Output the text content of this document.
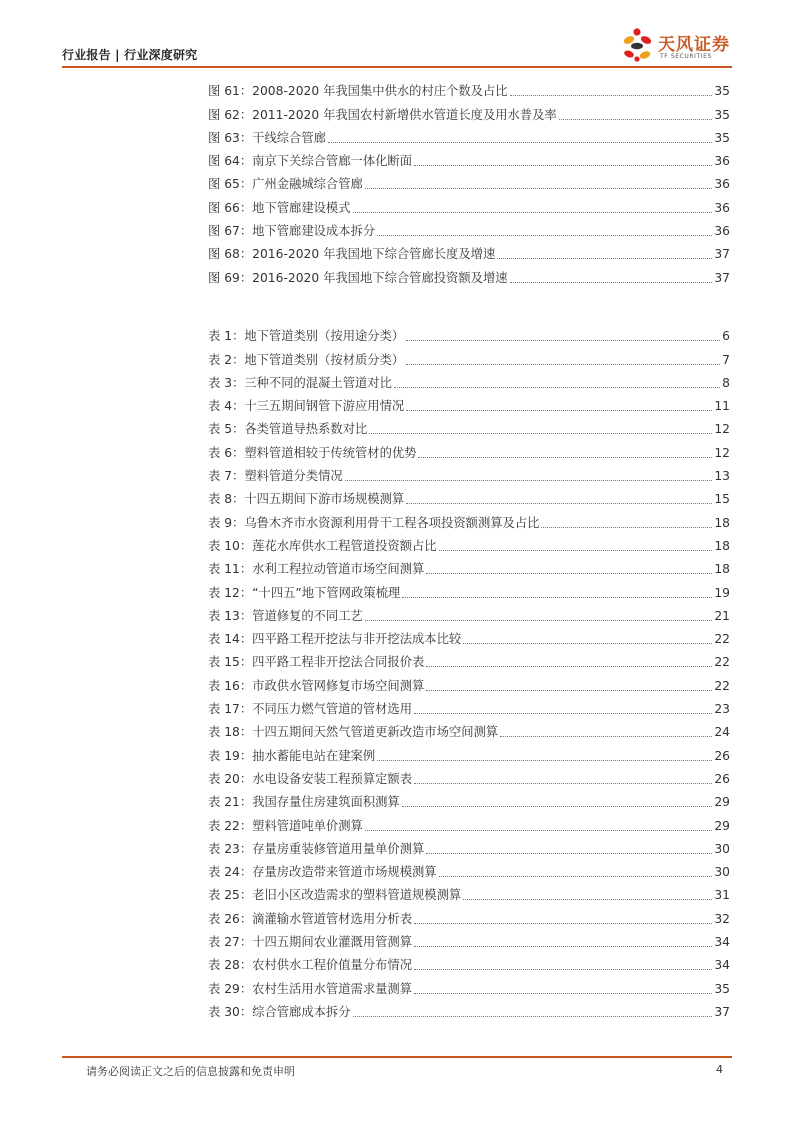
行业报告 | 行业深度研究	天风证券
TF SECURITIES
图 61：2008-2020 年我国集中供水的村庄个数及占比	35
图 62：2011-2020 年我国农村新增供水管道长度及用水普及率	35
图 63：干线综合管廊	35
图 64：南京下关综合管廊一体化断面	36
图 65：广州金融城综合管廊	36
图 66：地下管廊建设模式	36
图 67：地下管廊建设成本拆分	36
图 68：2016-2020 年我国地下综合管廊长度及增速	37
图 69：2016-2020 年我国地下综合管廊投资额及增速	37
表 1：地下管道类别（按用途分类）	6
表 2：地下管道类别（按材质分类）	7
表 3：三种不同的混凝土管道对比	8
表 4：十三五期间钢管下游应用情况	11
表 5：各类管道导热系数对比	12
表 6：塑料管道相较于传统管材的优势	12
表 7：塑料管道分类情况	13
表 8：十四五期间下游市场规模测算	15
表 9：乌鲁木齐市水资源利用骨干工程各项投资额测算及占比	18
表 10：莲花水库供水工程管道投资额占比	18
表 11：水利工程拉动管道市场空间测算	18
表 12：“十四五”地下管网政策梳理	19
表 13：管道修复的不同工艺	21
表 14：四平路工程开挖法与非开挖法成本比较	22
表 15：四平路工程非开挖法合同报价表	22
表 16：市政供水管网修复市场空间测算	22
表 17：不同压力燃气管道的管材选用	23
表 18：十四五期间天然气管道更新改造市场空间测算	24
表 19：抽水蓄能电站在建案例	26
表 20：水电设备安装工程预算定额表	26
表 21：我国存量住房建筑面积测算	29
表 22：塑料管道吨单价测算	29
表 23：存量房重装修管道用量单价测算	30
表 24：存量房改造带来管道市场规模测算	30
表 25：老旧小区改造需求的塑料管道规模测算	31
表 26：滴灌输水管道管材选用分析表	32
表 27：十四五期间农业灌溉用管测算	34
表 28：农村供水工程价值量分布情况	34
表 29：农村生活用水管道需求量测算	35
表 30：综合管廊成本拆分	37
请务必阅读正文之后的信息披露和免责申明	4
